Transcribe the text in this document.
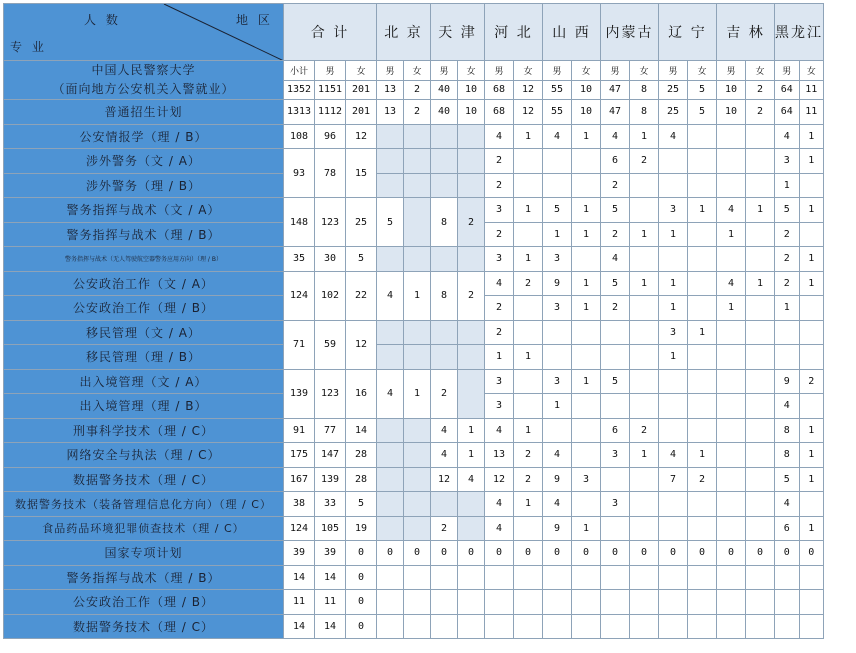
人 数 地 区
专 业	合 计			北 京		天 津		河 北		山 西		内蒙古		辽 宁		吉 林		黑龙江	

中国人民警察大学
（面向地方公安机关入警就业）	小计	男	女	男	女	男	女	男	女	男	女	男	女	男	女	男	女	男	女
	1352	1151	201	13	2	40	10	68	12	55	10	47	8	25	5	10	2	64	11
普通招生计划	1313	1112	201	13	2	40	10	68	12	55	10	47	8	25	5	10	2	64	11
公安情报学（理 / B）	108	96	12					4	1	4	1	4	1	4				4	1
涉外警务（文 / A）	93	78	15					2				6	2					3	1
涉外警务（理 / B）								2				2						1	
警务指挥与战术（文 / A）	148	123	25	5		8	2	3	1	5	1	5		3	1	4	1	5	1
警务指挥与战术（理 / B）								2		1	1	2	1	1		1		2	
警务指挥与战术（无人驾驶航空器警务应用方向）（理 / B）	35	30	5					3	1	3		4						2	1
公安政治工作（文 / A）	124	102	22	4	1	8	2	4	2	9	1	5	1	1		4	1	2	1
公安政治工作（理 / B）								2		3	1	2		1		1		1	
移民管理（文 / A）	71	59	12					2						3	1				
移民管理（理 / B）								1	1					1					
出入境管理（文 / A）	139	123	16	4	1	2		3		3	1	5						9	2
出入境管理（理 / B）								3		1								4	
刑事科学技术（理 / C）	91	77	14			4	1	4	1			6	2					8	1
网络安全与执法（理 / C）	175	147	28			4	1	13	2	4		3	1	4	1			8	1
数据警务技术（理 / C）	167	139	28			12	4	12	2	9	3			7	2			5	1
数据警务技术（装备管理信息化方向）（理 / C）	38	33	5					4	1	4		3						4	
食品药品环境犯罪侦查技术（理 / C）	124	105	19			2		4		9	1							6	1
国家专项计划	39	39	0	0	0	0	0	0	0	0	0	0	0	0	0	0	0	0	0
警务指挥与战术（理 / B）	14	14	0																
公安政治工作（理 / B）	11	11	0																
数据警务技术（理 / C）	14	14	0																
